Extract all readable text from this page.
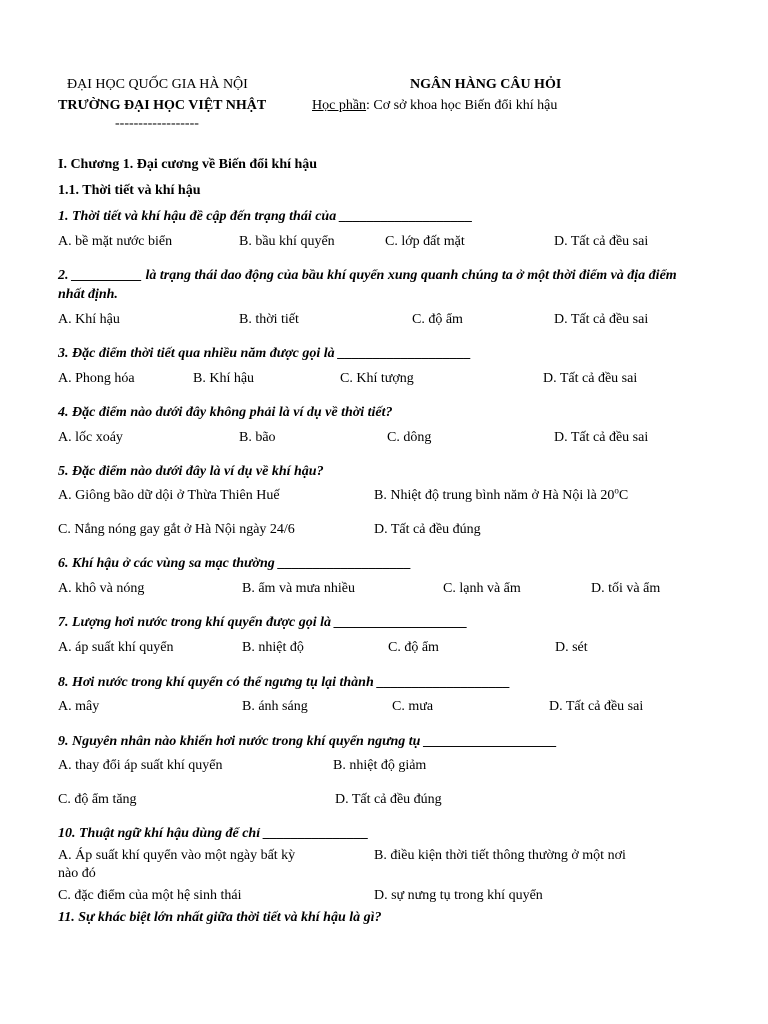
ĐẠI HỌC QUỐC GIA HÀ NỘI
TRƯỜNG ĐẠI HỌC VIỆT NHẬT
------------------
NGÂN HÀNG CÂU HỎI
Học phần: Cơ sở khoa học Biến đổi khí hậu
I. Chương 1. Đại cương về Biến đổi khí hậu
1.1. Thời tiết và khí hậu
1. Thời tiết và khí hậu đề cập đến trạng thái của ___________________
A. bề mặt nước biển	B. bầu khí quyển	C. lớp đất mặt	D. Tất cả đều sai
2. __________ là trạng thái dao động của bầu khí quyển xung quanh chúng ta ở một thời điểm và địa điểm nhất định.
A. Khí hậu	B. thời tiết	C. độ ẩm	D. Tất cả đều sai
3. Đặc điểm thời tiết qua nhiều năm được gọi là ___________________
A. Phong hóa	B. Khí hậu	C. Khí tượng	D. Tất cả đều sai
4. Đặc điểm nào dưới đây không phải là ví dụ về thời tiết?
A. lốc xoáy	B. bão	C. dông	D. Tất cả đều sai
5. Đặc điểm nào dưới đây là ví dụ về khí hậu?
A. Giông bão dữ dội ở Thừa Thiên Huế	B. Nhiệt độ trung bình năm ở Hà Nội là 20$^o$C
C. Nắng nóng gay gắt ở Hà Nội ngày 24/6	D. Tất cả đều đúng
6. Khí hậu ở các vùng sa mạc thường ___________________
A. khô và nóng	B. ẩm và mưa nhiều	C. lạnh và ẩm	D. tối và ẩm
7. Lượng hơi nước trong khí quyển được gọi là ___________________
A. áp suất khí quyển	B. nhiệt độ	C. độ ẩm	D. sét
8. Hơi nước trong khí quyển có thể ngưng tụ lại thành ___________________
A. mây	B. ánh sáng	C. mưa	D. Tất cả đều sai
9. Nguyên nhân nào khiến hơi nước trong khí quyển ngưng tụ ___________________
A. thay đổi áp suất khí quyển	B. nhiệt độ giảm
C. độ ẩm tăng	D. Tất cả đều đúng
10. Thuật ngữ khí hậu dùng để chỉ _______________
A. Áp suất khí quyển vào một ngày bất kỳ	B. điều kiện thời tiết thông thường ở một nơi
nào đó
C. đặc điểm của một hệ sinh thái	D. sự nưng tụ trong khí quyển
11. Sự khác biệt lớn nhất giữa thời tiết và khí hậu là gì?
